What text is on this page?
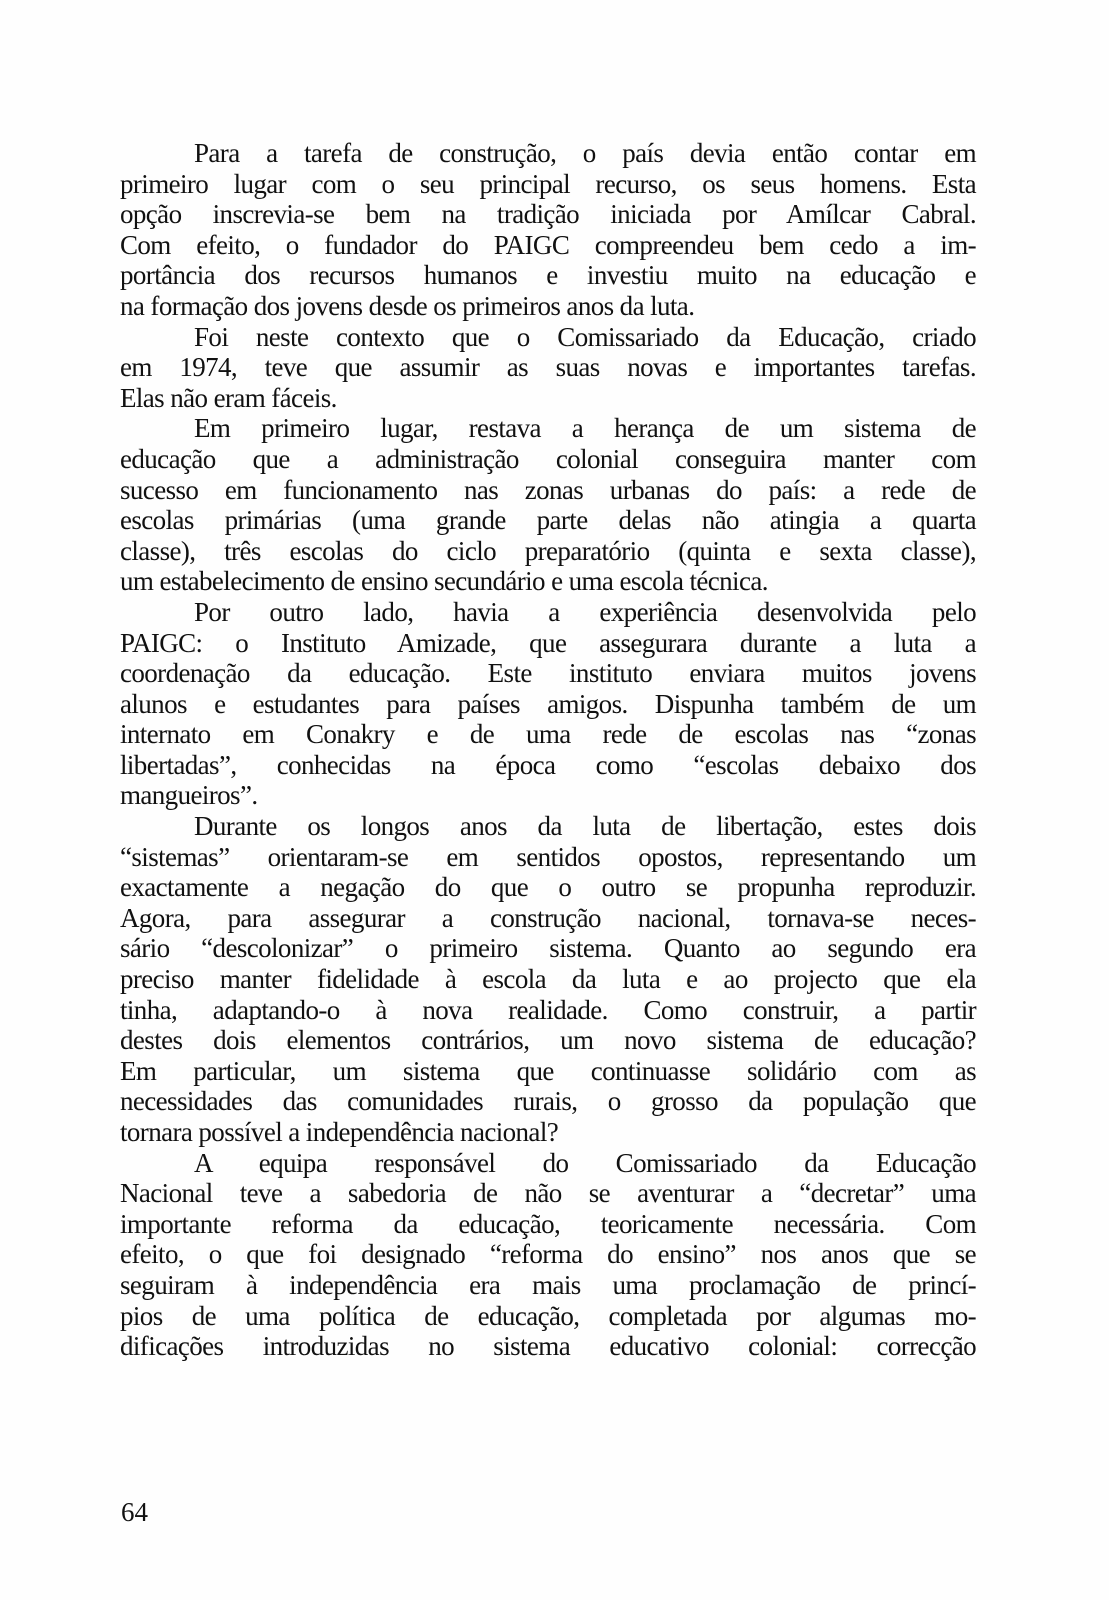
Para a tarefa de construção, o país devia então contar em
primeiro lugar com o seu principal recurso, os seus homens. Esta
opção inscrevia-se bem na tradição iniciada por Amílcar Cabral.
Com efeito, o fundador do PAIGC compreendeu bem cedo a im-
portância dos recursos humanos e investiu muito na educação e
na formação dos jovens desde os primeiros anos da luta.
Foi neste contexto que o Comissariado da Educação, criado
em 1974, teve que assumir as suas novas e importantes tarefas.
Elas não eram fáceis.
Em primeiro lugar, restava a herança de um sistema de
educação que a administração colonial conseguira manter com
sucesso em funcionamento nas zonas urbanas do país: a rede de
escolas primárias (uma grande parte delas não atingia a quarta
classe), três escolas do ciclo preparatório (quinta e sexta classe),
um estabelecimento de ensino secundário e uma escola técnica.
Por outro lado, havia a experiência desenvolvida pelo
PAIGC: o Instituto Amizade, que assegurara durante a luta a
coordenação da educação. Este instituto enviara muitos jovens
alunos e estudantes para países amigos. Dispunha também de um
internato em Conakry e de uma rede de escolas nas “zonas
libertadas”, conhecidas na época como “escolas debaixo dos
mangueiros”.
Durante os longos anos da luta de libertação, estes dois
“sistemas” orientaram-se em sentidos opostos, representando um
exactamente a negação do que o outro se propunha reproduzir.
Agora, para assegurar a construção nacional, tornava-se neces-
sário “descolonizar” o primeiro sistema. Quanto ao segundo era
preciso manter fidelidade à escola da luta e ao projecto que ela
tinha, adaptando-o à nova realidade. Como construir, a partir
destes dois elementos contrários, um novo sistema de educação?
Em particular, um sistema que continuasse solidário com as
necessidades das comunidades rurais, o grosso da população que
tornara possível a independência nacional?
A equipa responsável do Comissariado da Educação
Nacional teve a sabedoria de não se aventurar a “decretar” uma
importante reforma da educação, teoricamente necessária. Com
efeito, o que foi designado “reforma do ensino” nos anos que se
seguiram à independência era mais uma proclamação de princí-
pios de uma política de educação, completada por algumas mo-
dificações introduzidas no sistema educativo colonial: correcção
64
